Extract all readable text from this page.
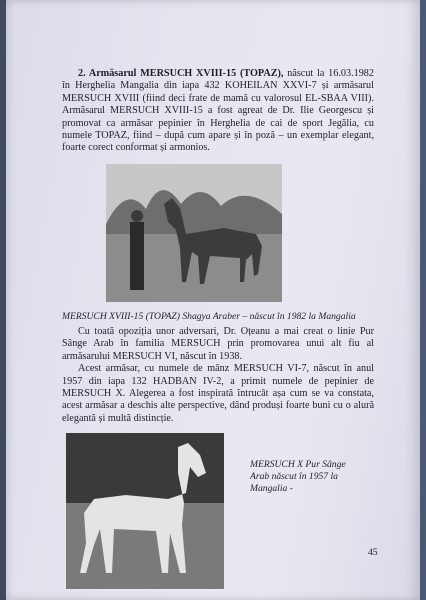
2. Armăsarul MERSUCH XVIII-15 (TOPAZ), născut la 16.03.1982 în Herghelia Mangalia din iapa 432 KOHEILAN XXVI-7 și armăsarul MERSUCH XVIII (fiind deci frate de mamă cu valorosul EL-SBAA VIII). Armăsarul MERSUCH XVIII-15 a fost agreat de Dr. Ilie Georgescu și promovat ca armăsar pepinier în Herghelia de cai de sport Jegălia, cu numele TOPAZ, fiind – după cum apare și în poză – un exemplar elegant, foarte corect conformat și armonios.
MERSUCH XVIII-15 (TOPAZ) Shagya Araber – născut în 1982 la Mangalia
Cu toată opoziția unor adversari, Dr. Oțeanu a mai creat o linie Pur Sânge Arab în familia MERSUCH prin promovarea unui alt fiu al armăsarului MERSUCH VI, născut în 1938.
Acest armăsar, cu numele de mânz MERSUCH VI-7, născut în anul 1957 din iapa 132 HADBAN IV-2, a primit numele de pepinier de MERSUCH X. Alegerea a fost inspirată întrucât așa cum se va constata, acest armăsar a deschis alte perspective, dând produși foarte buni cu o alură elegantă și multă distincție.
MERSUCH X Pur Sânge Arab născut în 1957 la Mangalia -
45
